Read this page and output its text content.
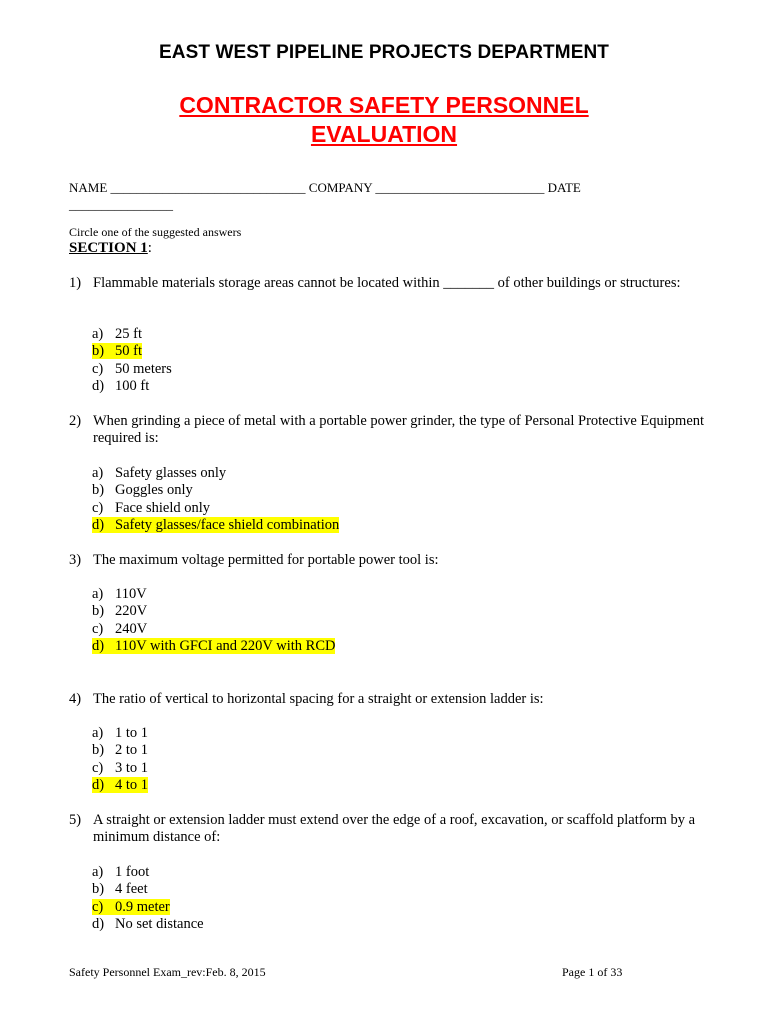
EAST WEST PIPELINE PROJECTS DEPARTMENT
CONTRACTOR SAFETY PERSONNEL
EVALUATION
NAME ______________________________ COMPANY __________________________ DATE
________________
Circle one of the suggested answers
SECTION 1:
1) Flammable materials storage areas cannot be located within _______ of other buildings or structures:
a) 25 ft
b) 50 ft
c) 50 meters
d) 100 ft
2) When grinding a piece of metal with a portable power grinder, the type of Personal Protective Equipment required is:
a) Safety glasses only
b) Goggles only
c) Face shield only
d) Safety glasses/face shield combination
3) The maximum voltage permitted for portable power tool is:
a) 110V
b) 220V
c) 240V
d) 110V with GFCI and 220V with RCD
4) The ratio of vertical to horizontal spacing for a straight or extension ladder is:
a) 1 to 1
b) 2 to 1
c) 3 to 1
d) 4 to 1
5) A straight or extension ladder must extend over the edge of a roof, excavation, or scaffold platform by a minimum distance of:
a) 1 foot
b) 4 feet
c) 0.9 meter
d) No set distance
Safety Personnel Exam_rev:Feb. 8, 2015	Page 1 of 33
